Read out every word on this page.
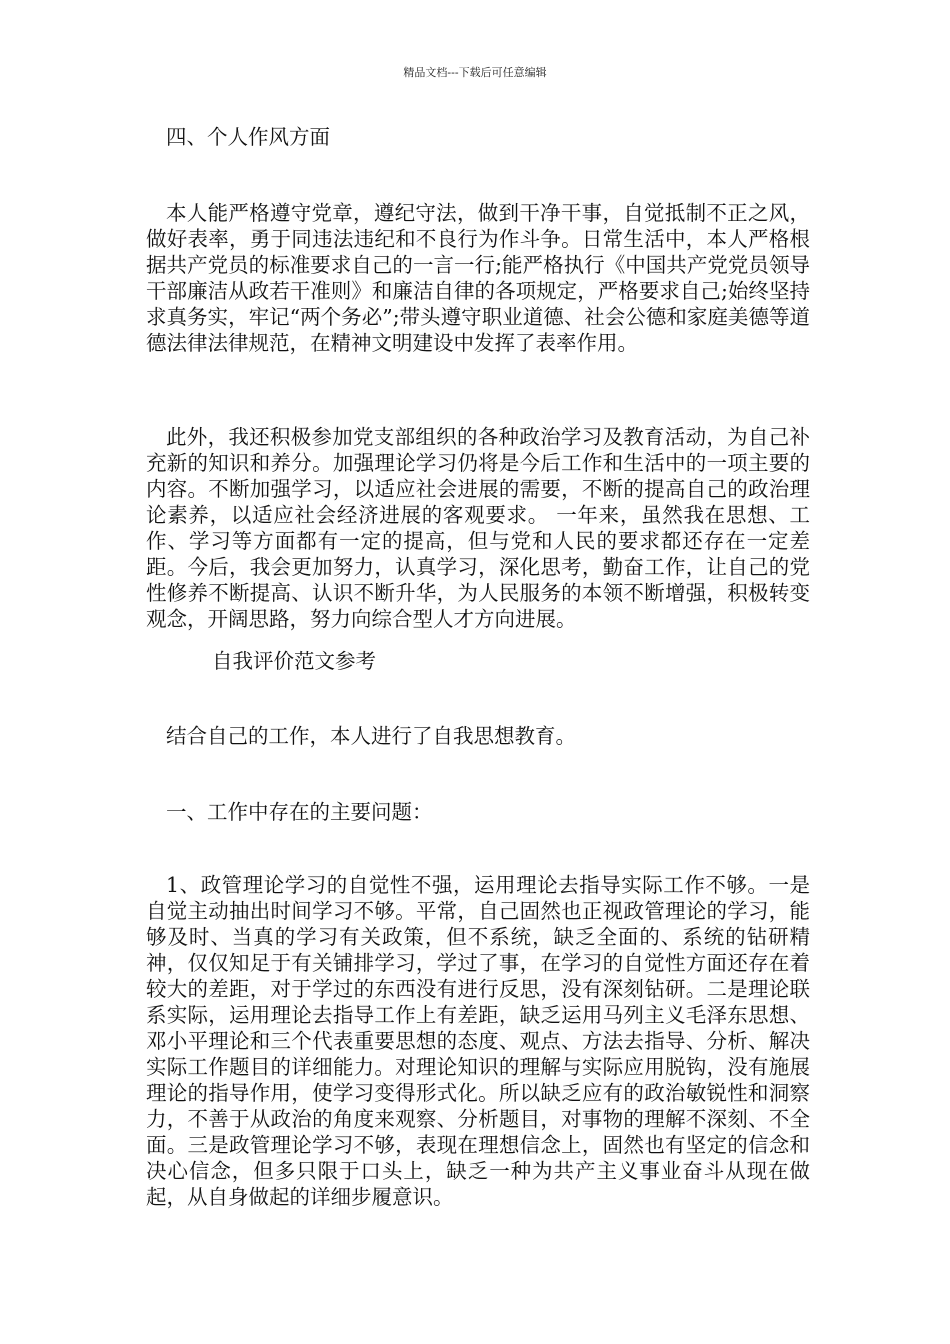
精品文档---下载后可任意编辑

四、个人作风方面

本人能严格遵守党章，遵纪守法，做到干净干事，自觉抵制不正之风，做好表率，勇于同违法违纪和不良行为作斗争。日常生活中，本人严格根据共产党员的标准要求自己的一言一行;能严格执行《中国共产党党员领导干部廉洁从政若干准则》和廉洁自律的各项规定，严格要求自己;始终坚持求真务实，牢记“两个务必”;带头遵守职业道德、社会公德和家庭美德等道德法律法律规范，在精神文明建设中发挥了表率作用。

此外，我还积极参加党支部组织的各种政治学习及教育活动，为自己补充新的知识和养分。加强理论学习仍将是今后工作和生活中的一项主要的内容。不断加强学习，以适应社会进展的需要，不断的提高自己的政治理论素养，以适应社会经济进展的客观要求。 一年来，虽然我在思想、工作、学习等方面都有一定的提高，但与党和人民的要求都还存在一定差距。今后，我会更加努力，认真学习，深化思考，勤奋工作，让自己的党性修养不断提高、认识不断升华，为人民服务的本领不断增强，积极转变观念，开阔思路，努力向综合型人才方向进展。

自我评价范文参考

结合自己的工作，本人进行了自我思想教育。

一、工作中存在的主要问题：

1、政管理论学习的自觉性不强，运用理论去指导实际工作不够。一是自觉主动抽出时间学习不够。平常，自己固然也正视政管理论的学习，能够及时、当真的学习有关政策，但不系统，缺乏全面的、系统的钻研精神，仅仅知足于有关铺排学习，学过了事，在学习的自觉性方面还存在着较大的差距，对于学过的东西没有进行反思，没有深刻钻研。二是理论联系实际，运用理论去指导工作上有差距，缺乏运用马列主义毛泽东思想、邓小平理论和三个代表重要思想的态度、观点、方法去指导、分析、解决实际工作题目的详细能力。对理论知识的理解与实际应用脱钩，没有施展理论的指导作用，使学习变得形式化。所以缺乏应有的政治敏锐性和洞察力，不善于从政治的角度来观察、分析题目，对事物的理解不深刻、不全面。三是政管理论学习不够，表现在理想信念上，固然也有坚定的信念和决心信念，但多只限于口头上，缺乏一种为共产主义事业奋斗从现在做起，从自身做起的详细步履意识。
